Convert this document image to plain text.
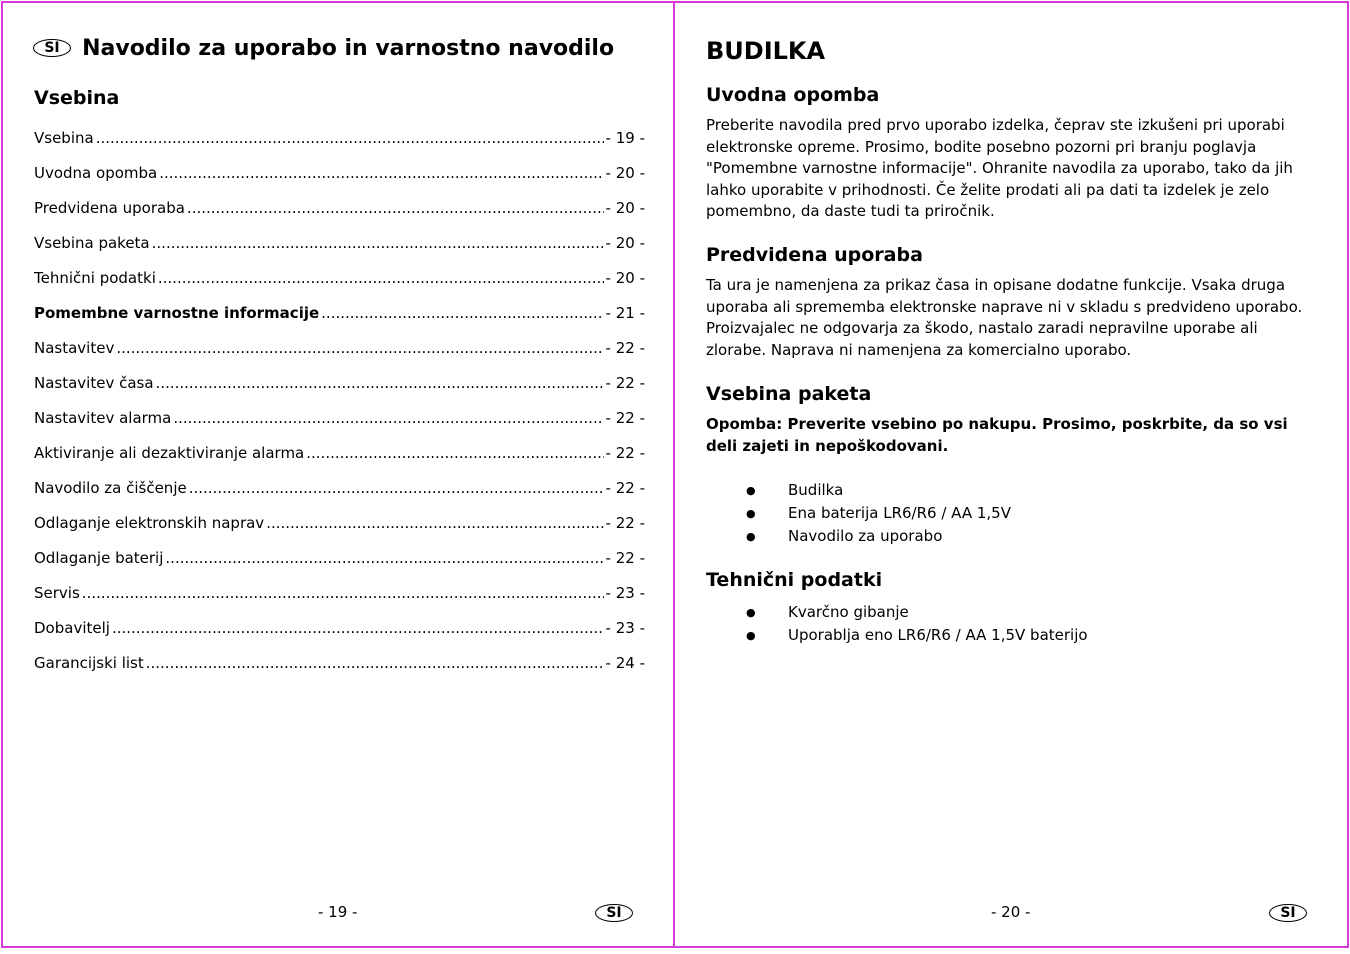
SI Navodilo za uporabo in varnostno navodilo
Vsebina
Vsebina .....	- 19 -
Uvodna opomba .....	- 20 -
Predvidena uporaba .....	- 20 -
Vsebina paketa .....	- 20 -
Tehnični podatki .....	- 20 -
Pomembne varnostne informacije .....	- 21 -
Nastavitev .....	- 22 -
Nastavitev časa .....	- 22 -
Nastavitev alarma .....	- 22 -
Aktiviranje ali dezaktiviranje alarma .....	- 22 -
Navodilo za čiščenje .....	- 22 -
Odlaganje elektronskih naprav .....	- 22 -
Odlaganje baterij .....	- 22 -
Servis .....	- 23 -
Dobavitelj .....	- 23 -
Garancijski list .....	- 24 -
- 19 -	SI
BUDILKA
Uvodna opomba
Preberite navodila pred prvo uporabo izdelka, čeprav ste izkušeni pri uporabi elektronske opreme. Prosimo, bodite posebno pozorni pri branju poglavja "Pomembne varnostne informacije". Ohranite navodila za uporabo, tako da jih lahko uporabite v prihodnosti. Če želite prodati ali pa dati ta izdelek je zelo pomembno, da daste tudi ta priročnik.
Predvidena uporaba
Ta ura je namenjena za prikaz časa in opisane dodatne funkcije. Vsaka druga uporaba ali sprememba elektronske naprave ni v skladu s predvideno uporabo. Proizvajalec ne odgovarja za škodo, nastalo zaradi nepravilne uporabe ali zlorabe. Naprava ni namenjena za komercialno uporabo.
Vsebina paketa
Opomba: Preverite vsebino po nakupu. Prosimo, poskrbite, da so vsi deli zajeti in nepoškodovani.
● Budilka
● Ena baterija LR6/R6 / AA 1,5V
● Navodilo za uporabo
Tehnični podatki
● Kvarčno gibanje
● Uporablja eno LR6/R6 / AA 1,5V baterijo
- 20 -	SI
